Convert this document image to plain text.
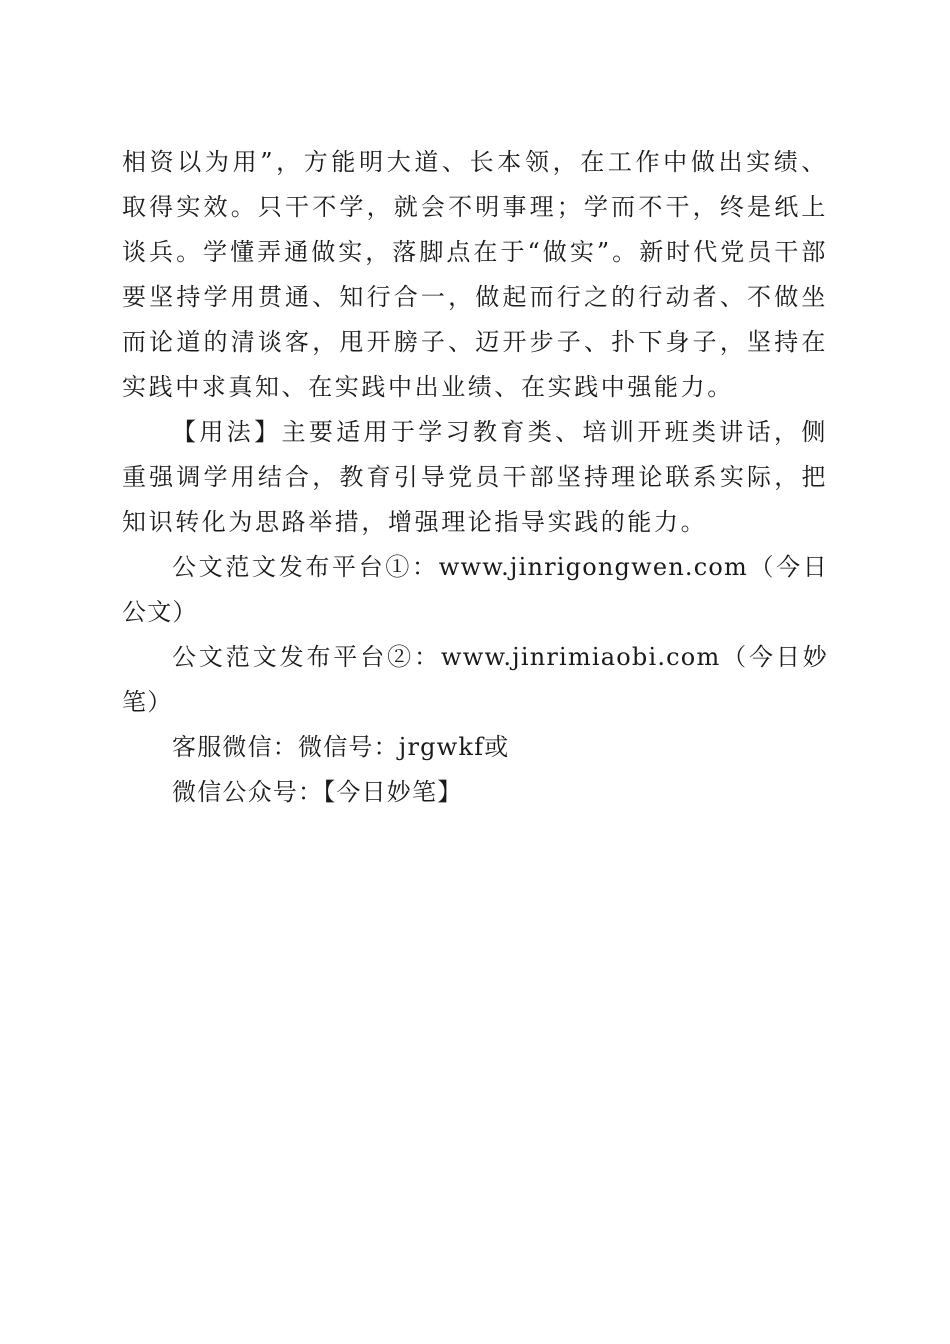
相资以为用”，方能明大道、长本领，在工作中做出实绩、取得实效。只干不学，就会不明事理；学而不干，终是纸上谈兵。学懂弄通做实，落脚点在于“做实”。新时代党员干部要坚持学用贯通、知行合一，做起而行之的行动者、不做坐而论道的清谈客，甩开膀子、迈开步子、扑下身子，坚持在实践中求真知、在实践中出业绩、在实践中强能力。

【用法】主要适用于学习教育类、培训开班类讲话，侧重强调学用结合，教育引导党员干部坚持理论联系实际，把知识转化为思路举措，增强理论指导实践的能力。

公文范文发布平台①：www.jinrigongwen.com（今日公文）

公文范文发布平台②：www.jinrimiaobi.com（今日妙笔）

客服微信：微信号：jrgwkf或

微信公众号：【今日妙笔】
